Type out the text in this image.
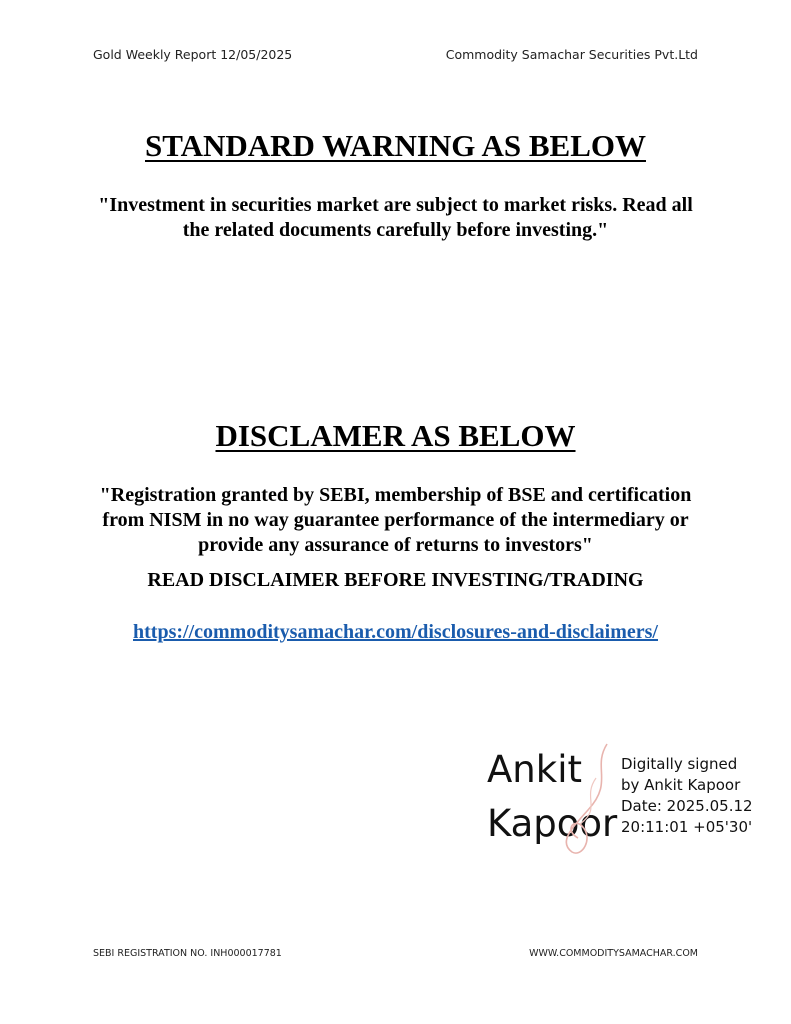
Gold Weekly Report 12/05/2025	Commodity Samachar Securities Pvt.Ltd
STANDARD WARNING AS BELOW
"Investment in securities market are subject to market risks. Read all the related documents carefully before investing."
DISCLAMER AS BELOW
"Registration granted by SEBI, membership of BSE and certification from NISM in no way guarantee performance of the intermediary or provide any assurance of returns to investors"
READ DISCLAIMER BEFORE INVESTING/TRADING
https://commoditysamachar.com/disclosures-and-disclaimers/
Ankit
Kapoor
Digitally signed
by Ankit Kapoor
Date: 2025.05.12
20:11:01 +05'30'
SEBI REGISTRATION NO. INH000017781	WWW.COMMODITYSAMACHAR.COM
